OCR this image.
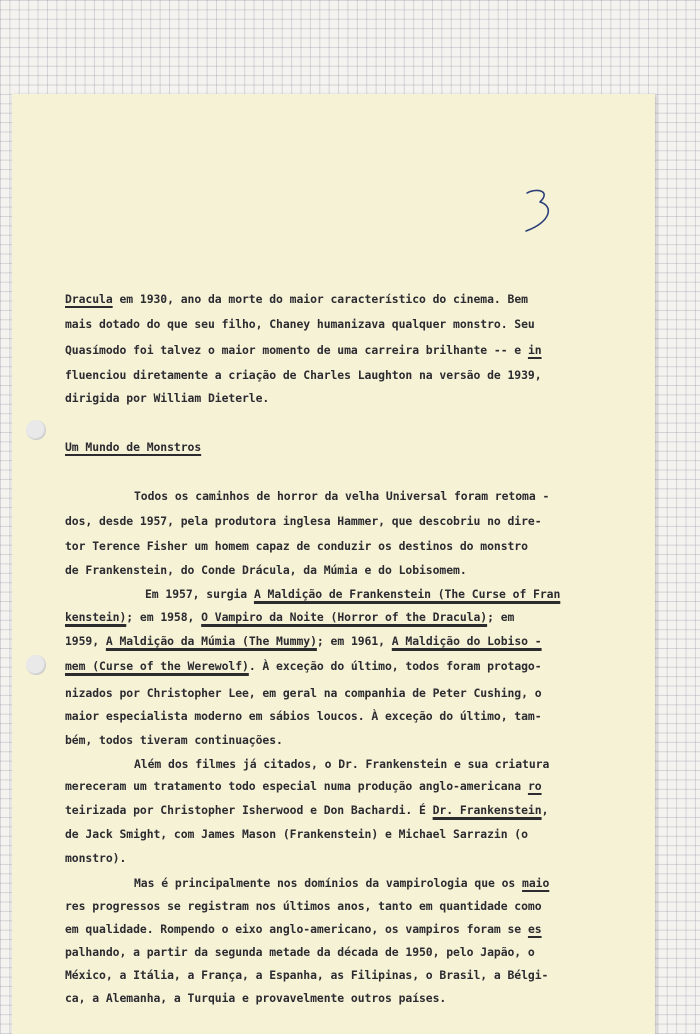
Dracula em 1930, ano da morte do maior característico do cinema. Bem
mais dotado do que seu filho, Chaney humanizava qualquer monstro. Seu
Quasímodo foi talvez o maior momento de uma carreira brilhante -- e in
fluenciou diretamente a criação de Charles Laughton na versão de 1939,
dirigida por William Dieterle.
Um Mundo de Monstros
Todos os caminhos de horror da velha Universal foram retoma -
dos, desde 1957, pela produtora inglesa Hammer, que descobriu no dire-
tor Terence Fisher um homem capaz de conduzir os destinos do monstro
de Frankenstein, do Conde Drácula, da Múmia e do Lobisomem.
Em 1957, surgia A Maldição de Frankenstein (The Curse of Fran
kenstein); em 1958, O Vampiro da Noite (Horror of the Dracula); em
1959, A Maldição da Múmia (The Mummy); em 1961, A Maldição do Lobiso -
mem (Curse of the Werewolf). À exceção do último, todos foram protago-
nizados por Christopher Lee, em geral na companhia de Peter Cushing, o
maior especialista moderno em sábios loucos. À exceção do último, tam-
bém, todos tiveram continuações.
Além dos filmes já citados, o Dr. Frankenstein e sua criatura
mereceram um tratamento todo especial numa produção anglo-americana ro
teirizada por Christopher Isherwood e Don Bachardi. É Dr. Frankenstein,
de Jack Smight, com James Mason (Frankenstein) e Michael Sarrazin (o
monstro).
Mas é principalmente nos domínios da vampirologia que os maio
res progressos se registram nos últimos anos, tanto em quantidade como
em qualidade. Rompendo o eixo anglo-americano, os vampiros foram se es
palhando, a partir da segunda metade da década de 1950, pelo Japão, o
México, a Itália, a França, a Espanha, as Filipinas, o Brasil, a Bélgi-
ca, a Alemanha, a Turquia e provavelmente outros países.
